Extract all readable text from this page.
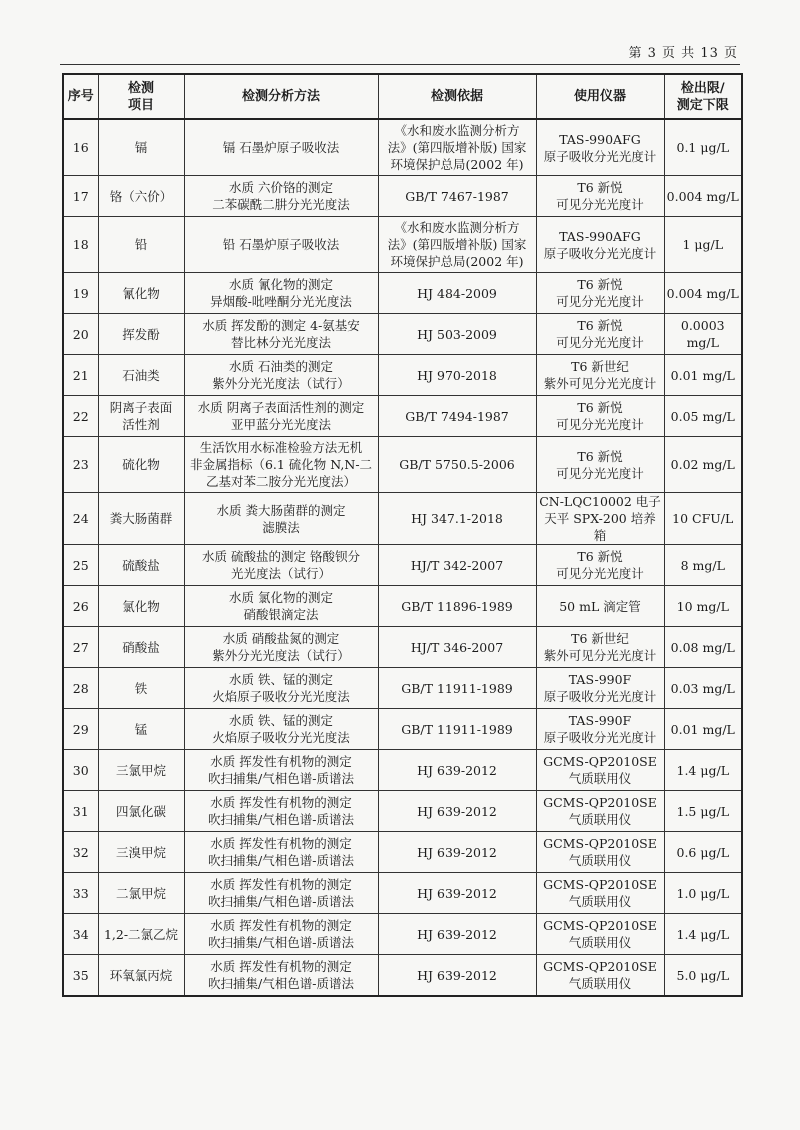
第 3 页 共 13 页
序号	检测
项目	检测分析方法	检测依据	使用仪器	检出限/
测定下限

16	镉	镉 石墨炉原子吸收法	《水和废水监测分析方
法》(第四版增补版) 国家
环境保护总局(2002 年)	TAS-990AFG
原子吸收分光光度计	0.1 μg/L
17	铬（六价）	水质 六价铬的测定
二苯碳酰二肼分光光度法	GB/T 7467-1987	T6 新悦
可见分光光度计	0.004 mg/L
18	铅	铅 石墨炉原子吸收法	《水和废水监测分析方
法》(第四版增补版) 国家
环境保护总局(2002 年)	TAS-990AFG
原子吸收分光光度计	1 μg/L
19	氰化物	水质 氰化物的测定
异烟酸-吡唑酮分光光度法	HJ 484-2009	T6 新悦
可见分光光度计	0.004 mg/L
20	挥发酚	水质 挥发酚的测定 4-氨基安
替比林分光光度法	HJ 503-2009	T6 新悦
可见分光光度计	0.0003 mg/L
21	石油类	水质 石油类的测定
紫外分光光度法（试行）	HJ 970-2018	T6 新世纪
紫外可见分光光度计	0.01 mg/L
22	阴离子表面
活性剂	水质 阴离子表面活性剂的测定
亚甲蓝分光光度法	GB/T 7494-1987	T6 新悦
可见分光光度计	0.05 mg/L
23	硫化物	生活饮用水标准检验方法无机
非金属指标（6.1 硫化物 N,N-二
乙基对苯二胺分光光度法）	GB/T 5750.5-2006	T6 新悦
可见分光光度计	0.02 mg/L
24	粪大肠菌群	水质 粪大肠菌群的测定
滤膜法	HJ 347.1-2018	CN-LQC10002 电子
天平 SPX-200 培养箱	10 CFU/L
25	硫酸盐	水质 硫酸盐的测定 铬酸钡分
光光度法（试行）	HJ/T 342-2007	T6 新悦
可见分光光度计	8 mg/L
26	氯化物	水质 氯化物的测定
硝酸银滴定法	GB/T 11896-1989	50 mL 滴定管	10 mg/L
27	硝酸盐	水质 硝酸盐氮的测定
紫外分光光度法（试行）	HJ/T 346-2007	T6 新世纪
紫外可见分光光度计	0.08 mg/L
28	铁	水质 铁、锰的测定
火焰原子吸收分光光度法	GB/T 11911-1989	TAS-990F
原子吸收分光光度计	0.03 mg/L
29	锰	水质 铁、锰的测定
火焰原子吸收分光光度法	GB/T 11911-1989	TAS-990F
原子吸收分光光度计	0.01 mg/L
30	三氯甲烷	水质 挥发性有机物的测定
吹扫捕集/气相色谱-质谱法	HJ 639-2012	GCMS-QP2010SE
气质联用仪	1.4 μg/L
31	四氯化碳	水质 挥发性有机物的测定
吹扫捕集/气相色谱-质谱法	HJ 639-2012	GCMS-QP2010SE
气质联用仪	1.5 μg/L
32	三溴甲烷	水质 挥发性有机物的测定
吹扫捕集/气相色谱-质谱法	HJ 639-2012	GCMS-QP2010SE
气质联用仪	0.6 μg/L
33	二氯甲烷	水质 挥发性有机物的测定
吹扫捕集/气相色谱-质谱法	HJ 639-2012	GCMS-QP2010SE
气质联用仪	1.0 μg/L
34	1,2-二氯乙烷	水质 挥发性有机物的测定
吹扫捕集/气相色谱-质谱法	HJ 639-2012	GCMS-QP2010SE
气质联用仪	1.4 μg/L
35	环氧氯丙烷	水质 挥发性有机物的测定
吹扫捕集/气相色谱-质谱法	HJ 639-2012	GCMS-QP2010SE
气质联用仪	5.0 μg/L
